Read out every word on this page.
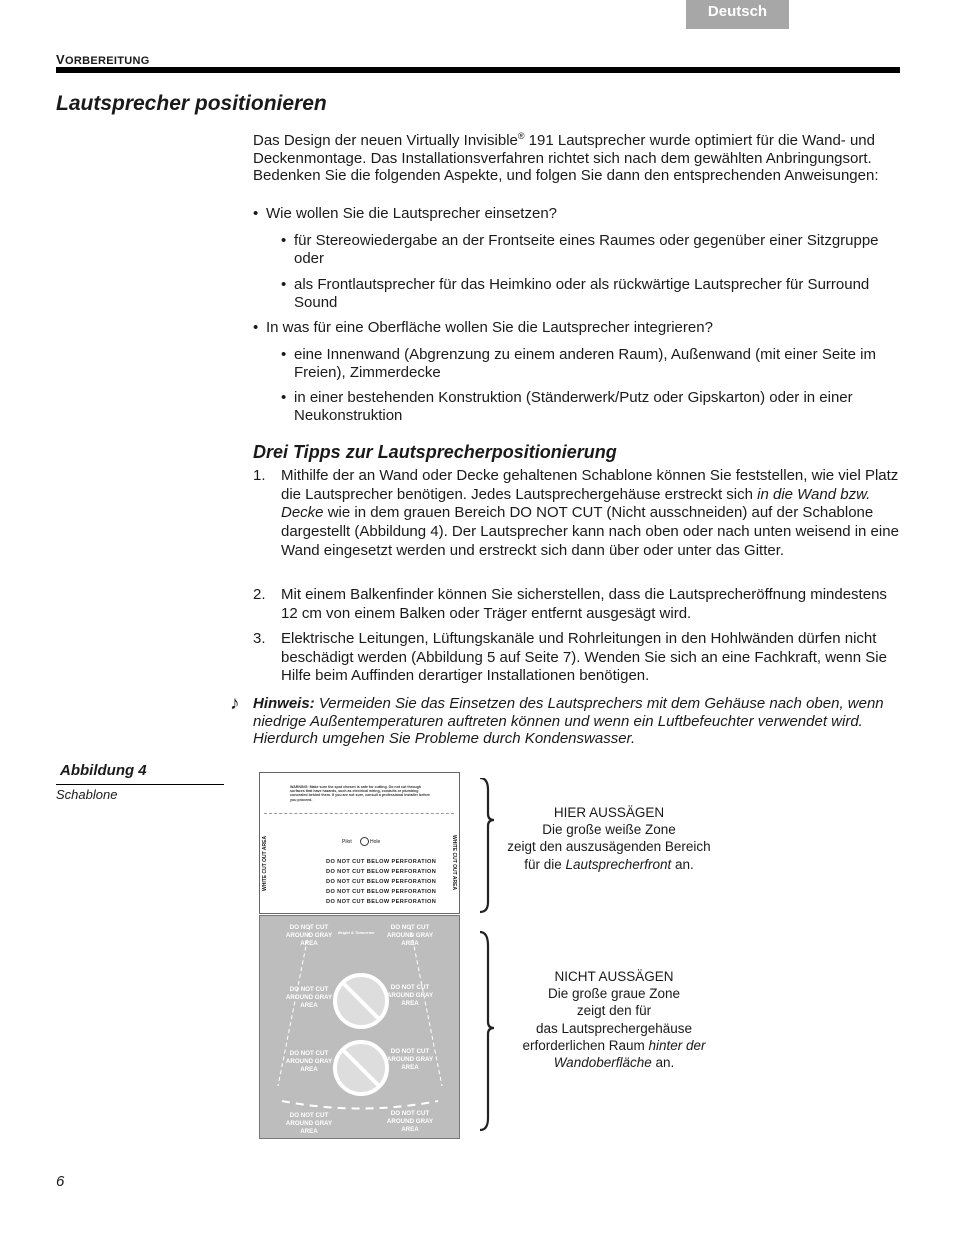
Deutsch
VORBEREITUNG
Lautsprecher positionieren
Das Design der neuen Virtually Invisible® 191 Lautsprecher wurde optimiert für die Wand- und Deckenmontage. Das Installationsverfahren richtet sich nach dem gewählten Anbringungsort. Bedenken Sie die folgenden Aspekte, und folgen Sie dann den entsprechenden Anweisungen:
• Wie wollen Sie die Lautsprecher einsetzen?
• für Stereowiedergabe an der Frontseite eines Raumes oder gegenüber einer Sitzgruppe oder
• als Frontlautsprecher für das Heimkino oder als rückwärtige Lautsprecher für Surround Sound
• In was für eine Oberfläche wollen Sie die Lautsprecher integrieren?
• eine Innenwand (Abgrenzung zu einem anderen Raum), Außenwand (mit einer Seite im Freien), Zimmerdecke
• in einer bestehenden Konstruktion (Ständerwerk/Putz oder Gipskarton) oder in einer Neukonstruktion
Drei Tipps zur Lautsprecherpositionierung
1. Mithilfe der an Wand oder Decke gehaltenen Schablone können Sie feststellen, wie viel Platz die Lautsprecher benötigen. Jedes Lautsprechergehäuse erstreckt sich in die Wand bzw. Decke wie in dem grauen Bereich DO NOT CUT (Nicht ausschneiden) auf der Schablone dargestellt (Abbildung 4). Der Lautsprecher kann nach oben oder nach unten weisend in eine Wand eingesetzt werden und erstreckt sich dann über oder unter das Gitter.
2. Mit einem Balkenfinder können Sie sicherstellen, dass die Lautsprecheröffnung mindestens 12 cm von einem Balken oder Träger entfernt ausgesägt wird.
3. Elektrische Leitungen, Lüftungskanäle und Rohrleitungen in den Hohlwänden dürfen nicht beschädigt werden (Abbildung 5 auf Seite 7). Wenden Sie sich an eine Fachkraft, wenn Sie Hilfe beim Auffinden derartiger Installationen benötigen.
♪ Hinweis: Vermeiden Sie das Einsetzen des Lautsprechers mit dem Gehäuse nach oben, wenn niedrige Außentemperaturen auftreten können und wenn ein Luftbefeuchter verwendet wird. Hierdurch umgehen Sie Probleme durch Kondenswasser.
Abbildung 4
Schablone	WARNING: Make sure the spot chosen is safe for cutting. Do not cut through surfaces that have hazards, such as electrical wiring, conduits or plumbing concealed behind them. If you are not sure, consult a professional installer before you proceed.
WHITE CUT OUT AREA	WHITE CUT OUT AREA
Pilot	Hole
DO NOT CUT BELOW PERFORATION
DO NOT CUT BELOW PERFORATION
DO NOT CUT BELOW PERFORATION
DO NOT CUT BELOW PERFORATION
DO NOT CUT BELOW PERFORATION
DO NOT CUT AROUND GRAY AREA
DO NOT CUT AROUND GRAY AREA
DO NOT CUT AROUND GRAY AREA
DO NOT CUT AROUND GRAY AREA
DO NOT CUT AROUND GRAY AREA
DO NOT CUT AROUND GRAY AREA
DO NOT CUT AROUND GRAY AREA
DO NOT CUT AROUND GRAY AREA
Bright & Tomorrow
HIER AUSSÄGEN
Die große weiße Zone
zeigt den auszusägenden Bereich
für die Lautsprecherfront an.
NICHT AUSSÄGEN
Die große graue Zone
zeigt den für
das Lautsprechergehäuse
erforderlichen Raum hinter der
Wandoberfläche an.
6
